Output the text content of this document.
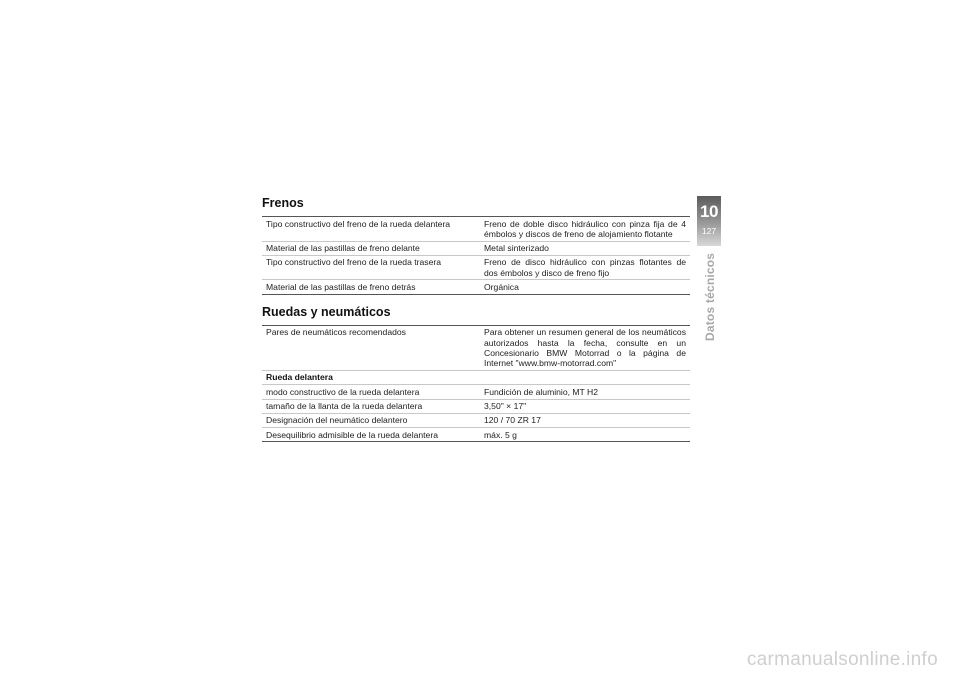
Frenos
Tipo constructivo del freno de la rueda delantera	Freno de doble disco hidráulico con pinza fija de 4 émbolos y discos de freno de alojamiento flotante
Material de las pastillas de freno delante	Metal sinterizado
Tipo constructivo del freno de la rueda trasera	Freno de disco hidráulico con pinzas flotantes de dos émbolos y disco de freno fijo
Material de las pastillas de freno detrás	Orgánica
Ruedas y neumáticos
Pares de neumáticos recomendados	Para obtener un resumen general de los neumáticos autorizados hasta la fecha, consulte en un Concesionario BMW Motorrad o la página de Internet "www.bmw-motorrad.com"
Rueda delantera	
modo constructivo de la rueda delantera	Fundición de aluminio, MT H2
tamaño de la llanta de la rueda delantera	3,50" × 17"
Designación del neumático delantero	120 / 70 ZR 17
Desequilibrio admisible de la rueda delantera	máx. 5 g
10
127
Datos técnicos
carmanualsonline.info
